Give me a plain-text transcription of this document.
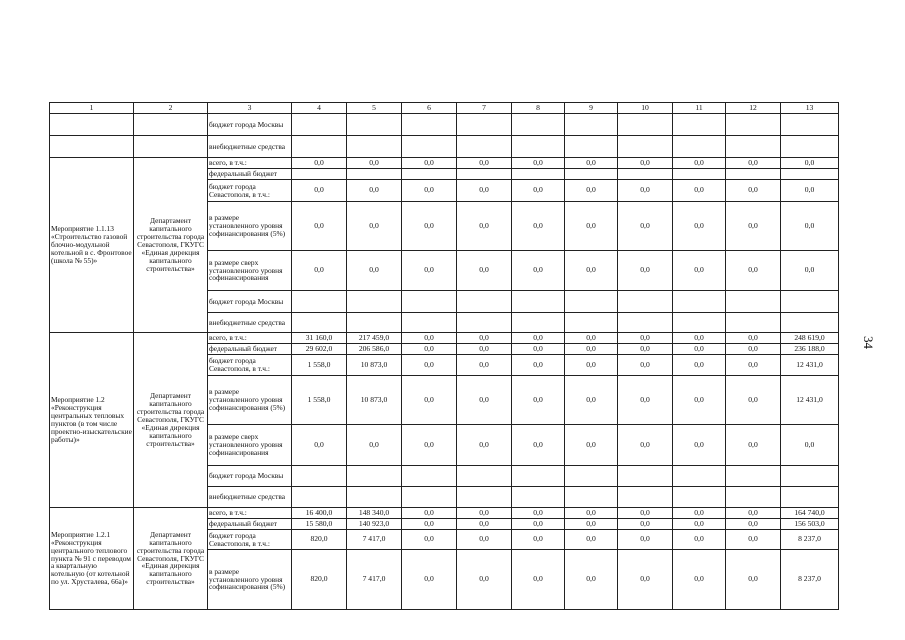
1	2	3	4	5	6	7	8	9	10	11	12	13
		бюджет города Москвы										
		внебюджетные средства										
Мероприятие 1.1.13 «Строительство газовой блочно-модульной котельной в с. Фронтовое (школа № 55)»	Департамент капитального строительства города Севастополя, ГКУГС «Единая дирекция капитального строительства»	всего, в т.ч.:	0,0	0,0	0,0	0,0	0,0	0,0	0,0	0,0	0,0	0,0
		федеральный бюджет										
		бюджет города Севастополя, в т.ч.:	0,0	0,0	0,0	0,0	0,0	0,0	0,0	0,0	0,0	0,0
		в размере установленного уровня софинансирования (5%)	0,0	0,0	0,0	0,0	0,0	0,0	0,0	0,0	0,0	0,0
		в размере сверх установленного уровня софинансирования	0,0	0,0	0,0	0,0	0,0	0,0	0,0	0,0	0,0	0,0
		бюджет города Москвы										
		внебюджетные средства										
Мероприятие 1.2 «Реконструкция центральных тепловых пунктов (в том числе проектно-изыскательские работы)»	Департамент капитального строительства города Севастополя, ГКУГС «Единая дирекция капитального строительства»	всего, в т.ч.:	31 160,0	217 459,0	0,0	0,0	0,0	0,0	0,0	0,0	0,0	248 619,0
		федеральный бюджет	29 602,0	206 586,0	0,0	0,0	0,0	0,0	0,0	0,0	0,0	236 188,0
		бюджет города Севастополя, в т.ч.:	1 558,0	10 873,0	0,0	0,0	0,0	0,0	0,0	0,0	0,0	12 431,0
		в размере установленного уровня софинансирования (5%)	1 558,0	10 873,0	0,0	0,0	0,0	0,0	0,0	0,0	0,0	12 431,0
		в размере сверх установленного уровня софинансирования	0,0	0,0	0,0	0,0	0,0	0,0	0,0	0,0	0,0	0,0
		бюджет города Москвы										
		внебюджетные средства										
Мероприятие 1.2.1 «Реконструкция центрального теплового пункта № 91 с переводом а квартальную котельную (от котельной по ул. Хрусталева, 66а)»	Департамент капитального строительства города Севастополя, ГКУГС «Единая дирекция капитального строительства»	всего, в т.ч.:	16 400,0	148 340,0	0,0	0,0	0,0	0,0	0,0	0,0	0,0	164 740,0
		федеральный бюджет	15 580,0	140 923,0	0,0	0,0	0,0	0,0	0,0	0,0	0,0	156 503,0
		бюджет города Севастополя, в т.ч.:	820,0	7 417,0	0,0	0,0	0,0	0,0	0,0	0,0	0,0	8 237,0
		в размере установленного уровня софинансирования (5%)	820,0	7 417,0	0,0	0,0	0,0	0,0	0,0	0,0	0,0	8 237,0
34
